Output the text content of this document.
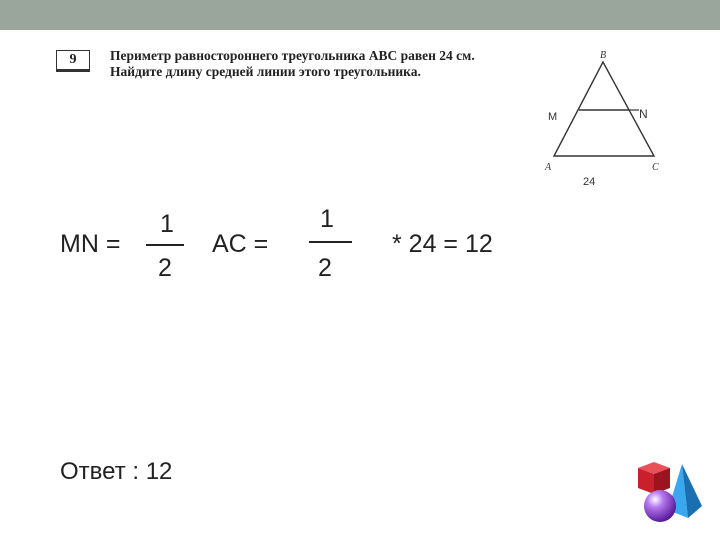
9	Периметр равностороннего треугольника ABC равен 24 см.
Найдите длину средней линии этого треугольника.
B
A	C
M	N
24
MN =
1
2
AC =
1
2
* 24 = 12
Ответ : 12
